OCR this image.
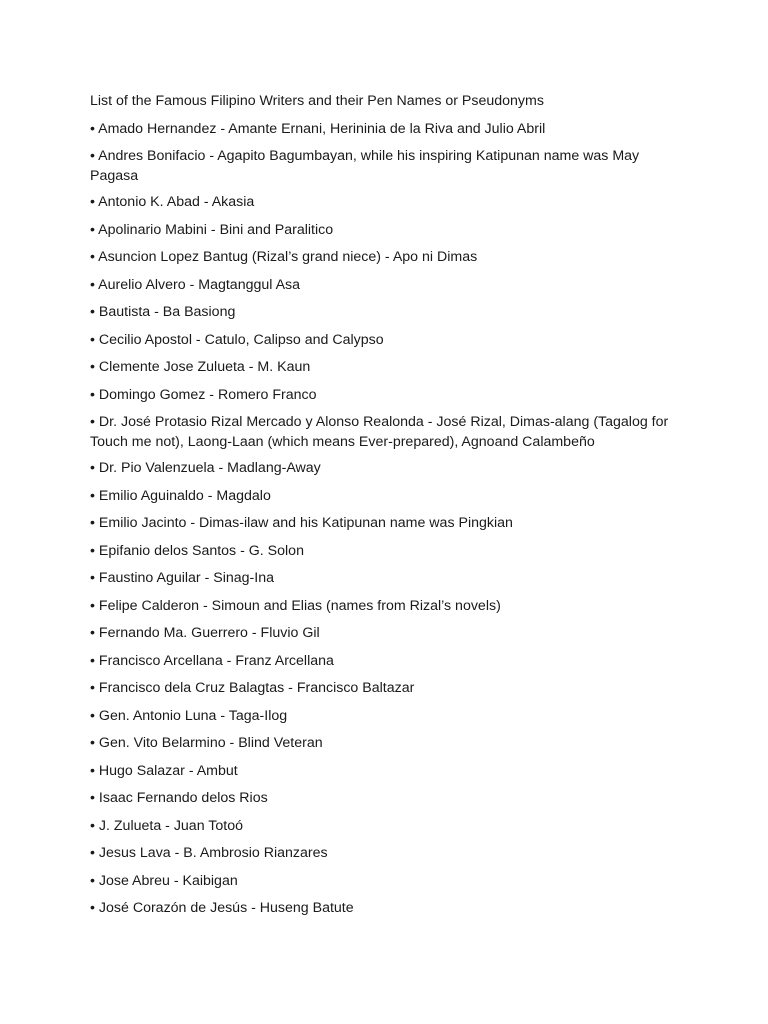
List of the Famous Filipino Writers and their Pen Names or Pseudonyms

• Amado Hernandez - Amante Ernani, Herininia de la Riva and Julio Abril

• Andres Bonifacio - Agapito Bagumbayan, while his inspiring Katipunan name was May Pagasa

• Antonio K. Abad - Akasia

• Apolinario Mabini - Bini and Paralitico

• Asuncion Lopez Bantug (Rizal’s grand niece) - Apo ni Dimas

• Aurelio Alvero - Magtanggul Asa

• Bautista - Ba Basiong

• Cecilio Apostol - Catulo, Calipso and Calypso

• Clemente Jose Zulueta - M. Kaun

• Domingo Gomez - Romero Franco

• Dr. José Protasio Rizal Mercado y Alonso Realonda - José Rizal, Dimas-alang (Tagalog for Touch me not), Laong-Laan (which means Ever-prepared), Agnoand Calambeño

• Dr. Pio Valenzuela - Madlang-Away

• Emilio Aguinaldo - Magdalo

• Emilio Jacinto - Dimas-ilaw and his Katipunan name was Pingkian

• Epifanio delos Santos - G. Solon

• Faustino Aguilar - Sinag-Ina

• Felipe Calderon - Simoun and Elias (names from Rizal’s novels)

• Fernando Ma. Guerrero - Fluvio Gil

• Francisco Arcellana - Franz Arcellana

• Francisco dela Cruz Balagtas - Francisco Baltazar

• Gen. Antonio Luna - Taga-Ilog

• Gen. Vito Belarmino - Blind Veteran

• Hugo Salazar - Ambut

• Isaac Fernando delos Rios

• J. Zulueta - Juan Totoó

• Jesus Lava - B. Ambrosio Rianzares

• Jose Abreu - Kaibigan

• José Corazón de Jesús - Huseng Batute
